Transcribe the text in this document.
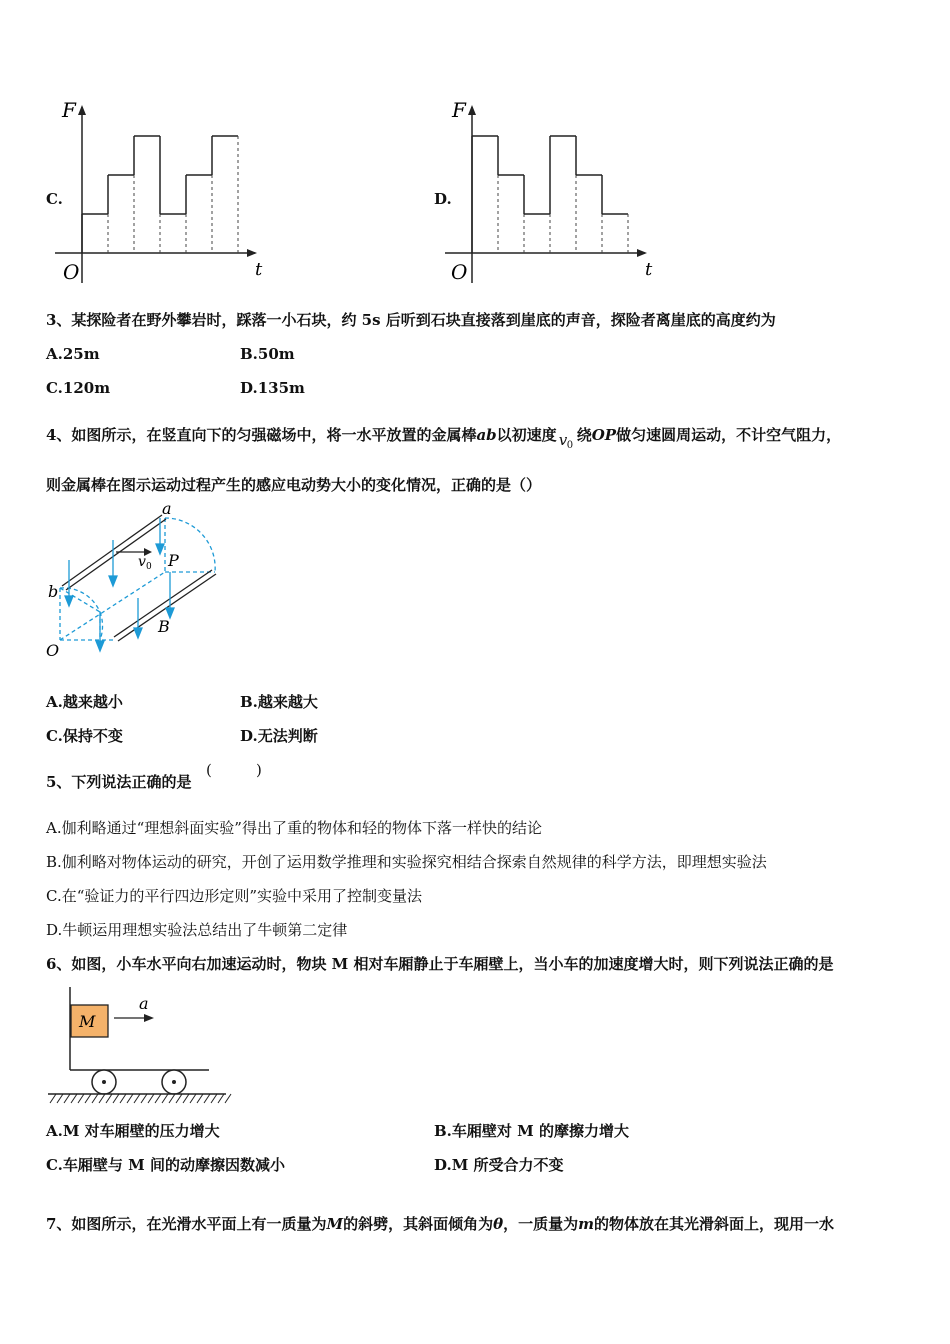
C.
F
t
O
D.
F
t
O
3、某探险者在野外攀岩时，踩落一小石块，约 5s 后听到石块直接落到崖底的声音，探险者离崖底的高度约为
A.25m	B.50m
C.120m	D.135m
4、如图所示，在竖直向下的匀强磁场中，将一水平放置的金属棒ab以初速度 v 0
绕OP做匀速圆周运动，不计空气阻力，
则金属棒在图示运动过程产生的感应电动势大小的变化情况，正确的是（）
a
b
P
O
B
v 0
A.越来越小	B.越来越大
C.保持不变	D.无法判断
5、下列说法正确的是
(	)
A.伽利略通过“理想斜面实验”得出了重的物体和轻的物体下落一样快的结论
B.伽利略对物体运动的研究，开创了运用数学推理和实验探究相结合探索自然规律的科学方法，即理想实验法
C.在“验证力的平行四边形定则”实验中采用了控制变量法
D.牛顿运用理想实验法总结出了牛顿第二定律
6、如图，小车水平向右加速运动时，物块 M 相对车厢静止于车厢壁上，当小车的加速度增大时，则下列说法正确的是
M
a
A.M 对车厢壁的压力增大	B.车厢壁对 M 的摩擦力增大
C.车厢壁与 M 间的动摩擦因数减小	D.M 所受合力不变
7、如图所示，在光滑水平面上有一质量为M的斜劈，其斜面倾角为θ，一质量为m的物体放在其光滑斜面上，现用一水
